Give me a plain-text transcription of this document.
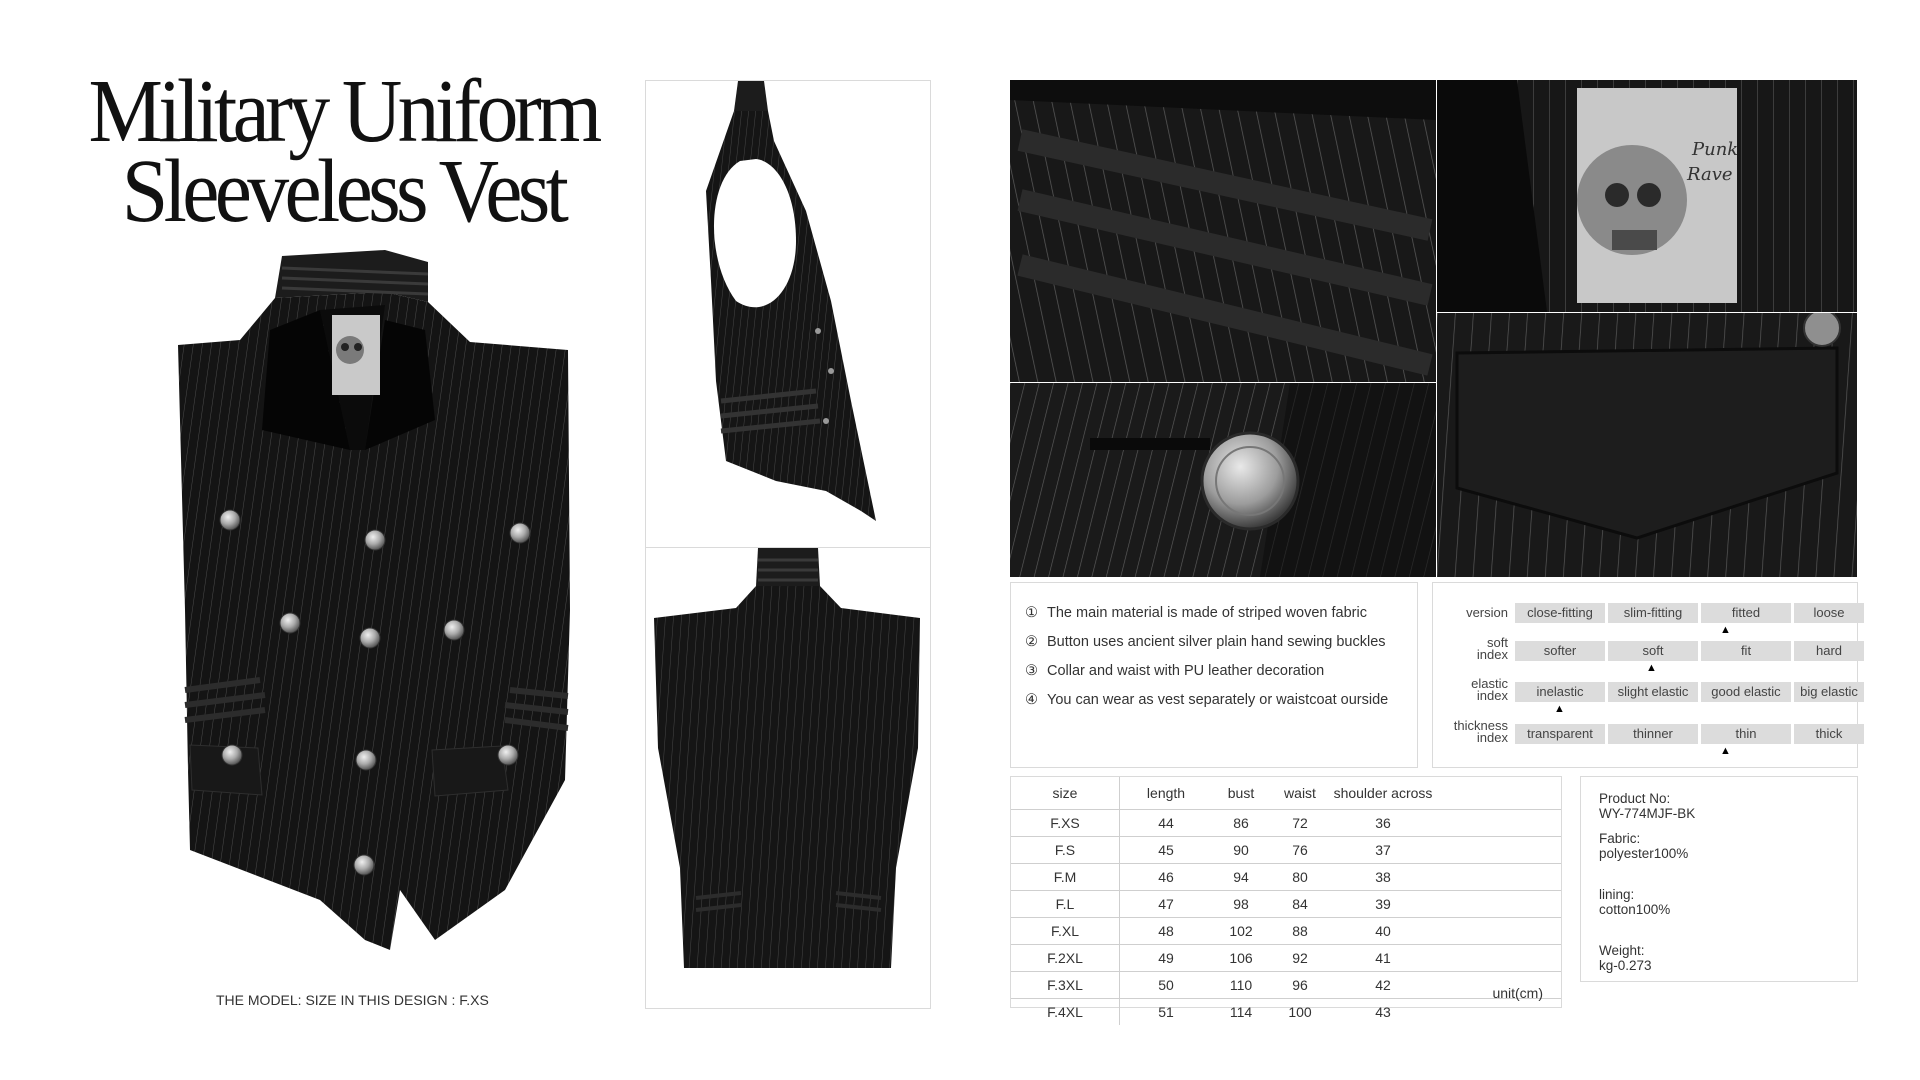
Military Uniform
Sleeveless Vest
THE MODEL: SIZE IN THIS DESIGN : F.XS
Punk
Rave
① The main material is made of striped woven fabric
② Button uses ancient silver plain hand sewing buckles
③ Collar and waist with PU leather decoration
④ You can wear as vest separately or waistcoat ourside
version	close-fitting	slim-fitting	fitted	loose
▲
soft
index	softer	soft	fit	hard
▲
elastic
index	inelastic	slight elastic	good elastic	big elastic
▲
thickness
index	transparent	thinner	thin	thick
▲
size	length	bust	waist	shoulder across	
F.XS	44	86	72	36	
F.S	45	90	76	37	
F.M	46	94	80	38	
F.L	47	98	84	39	
F.XL	48	102	88	40	
F.2XL	49	106	92	41	
F.3XL	50	110	96	42	
F.4XL	51	114	100	43	
unit(cm)
Product No:
WY-774MJF-BK
Fabric:
polyester100%
lining:
cotton100%
Weight:
kg-0.273
